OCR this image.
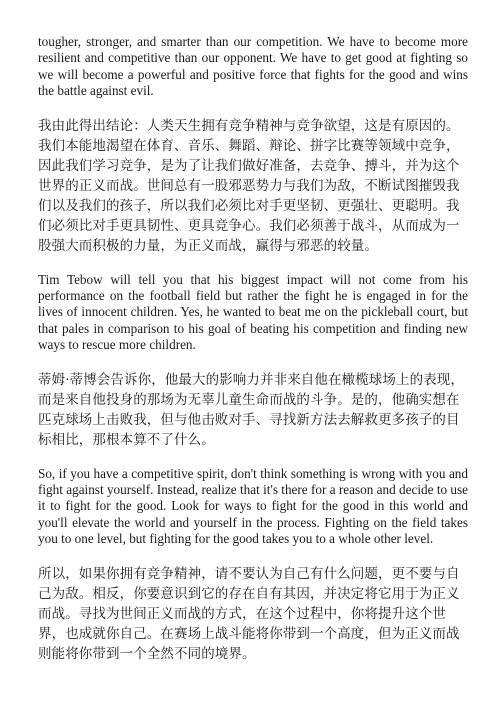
tougher, stronger, and smarter than our competition. We have to become more resilient and competitive than our opponent. We have to get good at fighting so we will become a powerful and positive force that fights for the good and wins the battle against evil.

我由此得出结论：人类天生拥有竞争精神与竞争欲望，这是有原因的。我们本能地渴望在体育、音乐、舞蹈、辩论、拼字比赛等领域中竞争，因此我们学习竞争，是为了让我们做好准备，去竞争、搏斗，并为这个世界的正义而战。世间总有一股邪恶势力与我们为敌，不断试图摧毁我们以及我们的孩子，所以我们必须比对手更坚韧、更强壮、更聪明。我们必须比对手更具韧性、更具竞争心。我们必须善于战斗，从而成为一股强大而积极的力量，为正义而战，赢得与邪恶的较量。

Tim Tebow will tell you that his biggest impact will not come from his performance on the football field but rather the fight he is engaged in for the lives of innocent children. Yes, he wanted to beat me on the pickleball court, but that pales in comparison to his goal of beating his competition and finding new ways to rescue more children.

蒂姆·蒂博会告诉你，他最大的影响力并非来自他在橄榄球场上的表现，而是来自他投身的那场为无辜儿童生命而战的斗争。是的，他确实想在匹克球场上击败我，但与他击败对手、寻找新方法去解救更多孩子的目标相比，那根本算不了什么。

So, if you have a competitive spirit, don't think something is wrong with you and fight against yourself. Instead, realize that it's there for a reason and decide to use it to fight for the good. Look for ways to fight for the good in this world and you'll elevate the world and yourself in the process. Fighting on the field takes you to one level, but fighting for the good takes you to a whole other level.

所以，如果你拥有竞争精神，请不要认为自己有什么问题，更不要与自己为敌。相反，你要意识到它的存在自有其因，并决定将它用于为正义而战。寻找为世间正义而战的方式，在这个过程中，你将提升这个世界，也成就你自己。在赛场上战斗能将你带到一个高度，但为正义而战则能将你带到一个全然不同的境界。
